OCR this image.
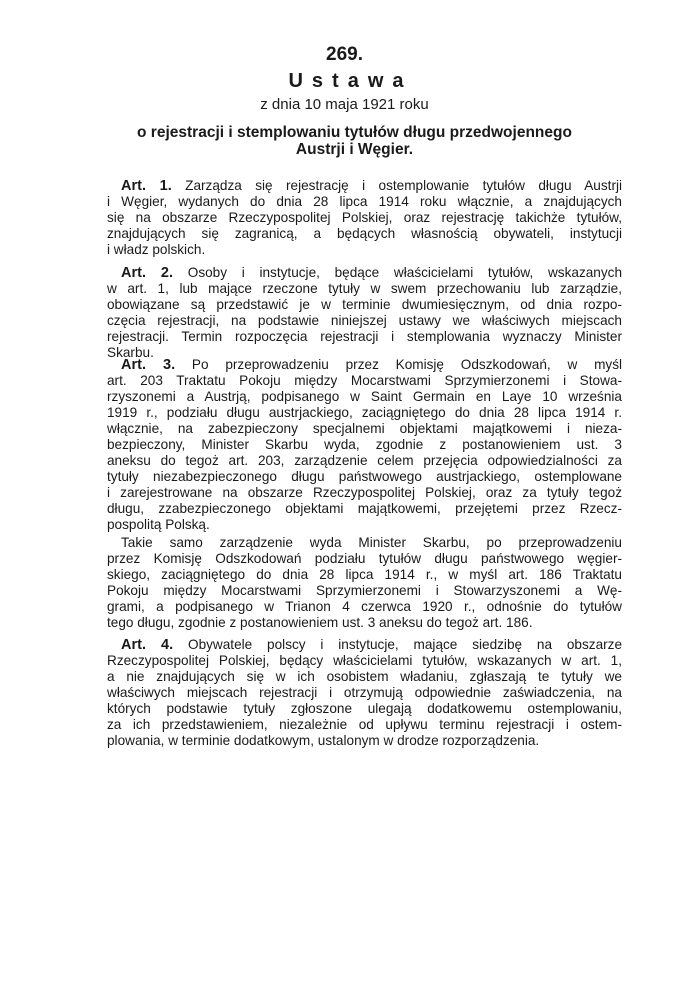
269.
Ustawa
z dnia 10 maja 1921 roku
o rejestracji i stemplowaniu tytułów długu przedwojennego
Austrji i Węgier.
Art. 1. Zarządza się rejestrację i ostemplowanie tytułów długu Austrji
i Węgier, wydanych do dnia 28 lipca 1914 roku włącznie, a znajdujących
się na obszarze Rzeczypospolitej Polskiej, oraz rejestrację takichże tytułów,
znajdujących się zagranicą, a będących własnością obywateli, instytucji
i władz polskich.
Art. 2. Osoby i instytucje, będące właścicielami tytułów, wskazanych
w art. 1, lub mające rzeczone tytuły w swem przechowaniu lub zarządzie,
obowiązane są przedstawić je w terminie dwumiesięcznym, od dnia rozpo-
częcia rejestracji, na podstawie niniejszej ustawy we właściwych miejscach
rejestracji. Termin rozpoczęcia rejestracji i stemplowania wyznaczy Minister
Skarbu.
Art. 3. Po przeprowadzeniu przez Komisję Odszkodowań, w myśl
art. 203 Traktatu Pokoju między Mocarstwami Sprzymierzonemi i Stowa-
rzyszonemi a Austrją, podpisanego w Saint Germain en Laye 10 września
1919 r., podziału długu austrjackiego, zaciągniętego do dnia 28 lipca 1914 r.
włącznie, na zabezpieczony specjalnemi objektami majątkowemi i nieza-
bezpieczony, Minister Skarbu wyda, zgodnie z postanowieniem ust. 3
aneksu do tegoż art. 203, zarządzenie celem przejęcia odpowiedzialności za
tytuły niezabezpieczonego długu państwowego austrjackiego, ostemplowane
i zarejestrowane na obszarze Rzeczypospolitej Polskiej, oraz za tytuły tegoż
długu, zzabezpieczonego objektami majątkowemi, przejętemi przez Rzecz-
pospolitą Polską.
Takie samo zarządzenie wyda Minister Skarbu, po przeprowadzeniu
przez Komisję Odszkodowań podziału tytułów długu państwowego węgier-
skiego, zaciągniętego do dnia 28 lipca 1914 r., w myśl art. 186 Traktatu
Pokoju między Mocarstwami Sprzymierzonemi i Stowarzyszonemi a Wę-
grami, a podpisanego w Trianon 4 czerwca 1920 r., odnośnie do tytułów
tego długu, zgodnie z postanowieniem ust. 3 aneksu do tegoż art. 186.
Art. 4. Obywatele polscy i instytucje, mające siedzibę na obszarze
Rzeczypospolitej Polskiej, będący właścicielami tytułów, wskazanych w art. 1,
a nie znajdujących się w ich osobistem władaniu, zgłaszają te tytuły we
właściwych miejscach rejestracji i otrzymują odpowiednie zaświadczenia, na
których podstawie tytuły zgłoszone ulegają dodatkowemu ostemplowaniu,
za ich przedstawieniem, niezależnie od upływu terminu rejestracji i ostem-
plowania, w terminie dodatkowym, ustalonym w drodze rozporządzenia.
